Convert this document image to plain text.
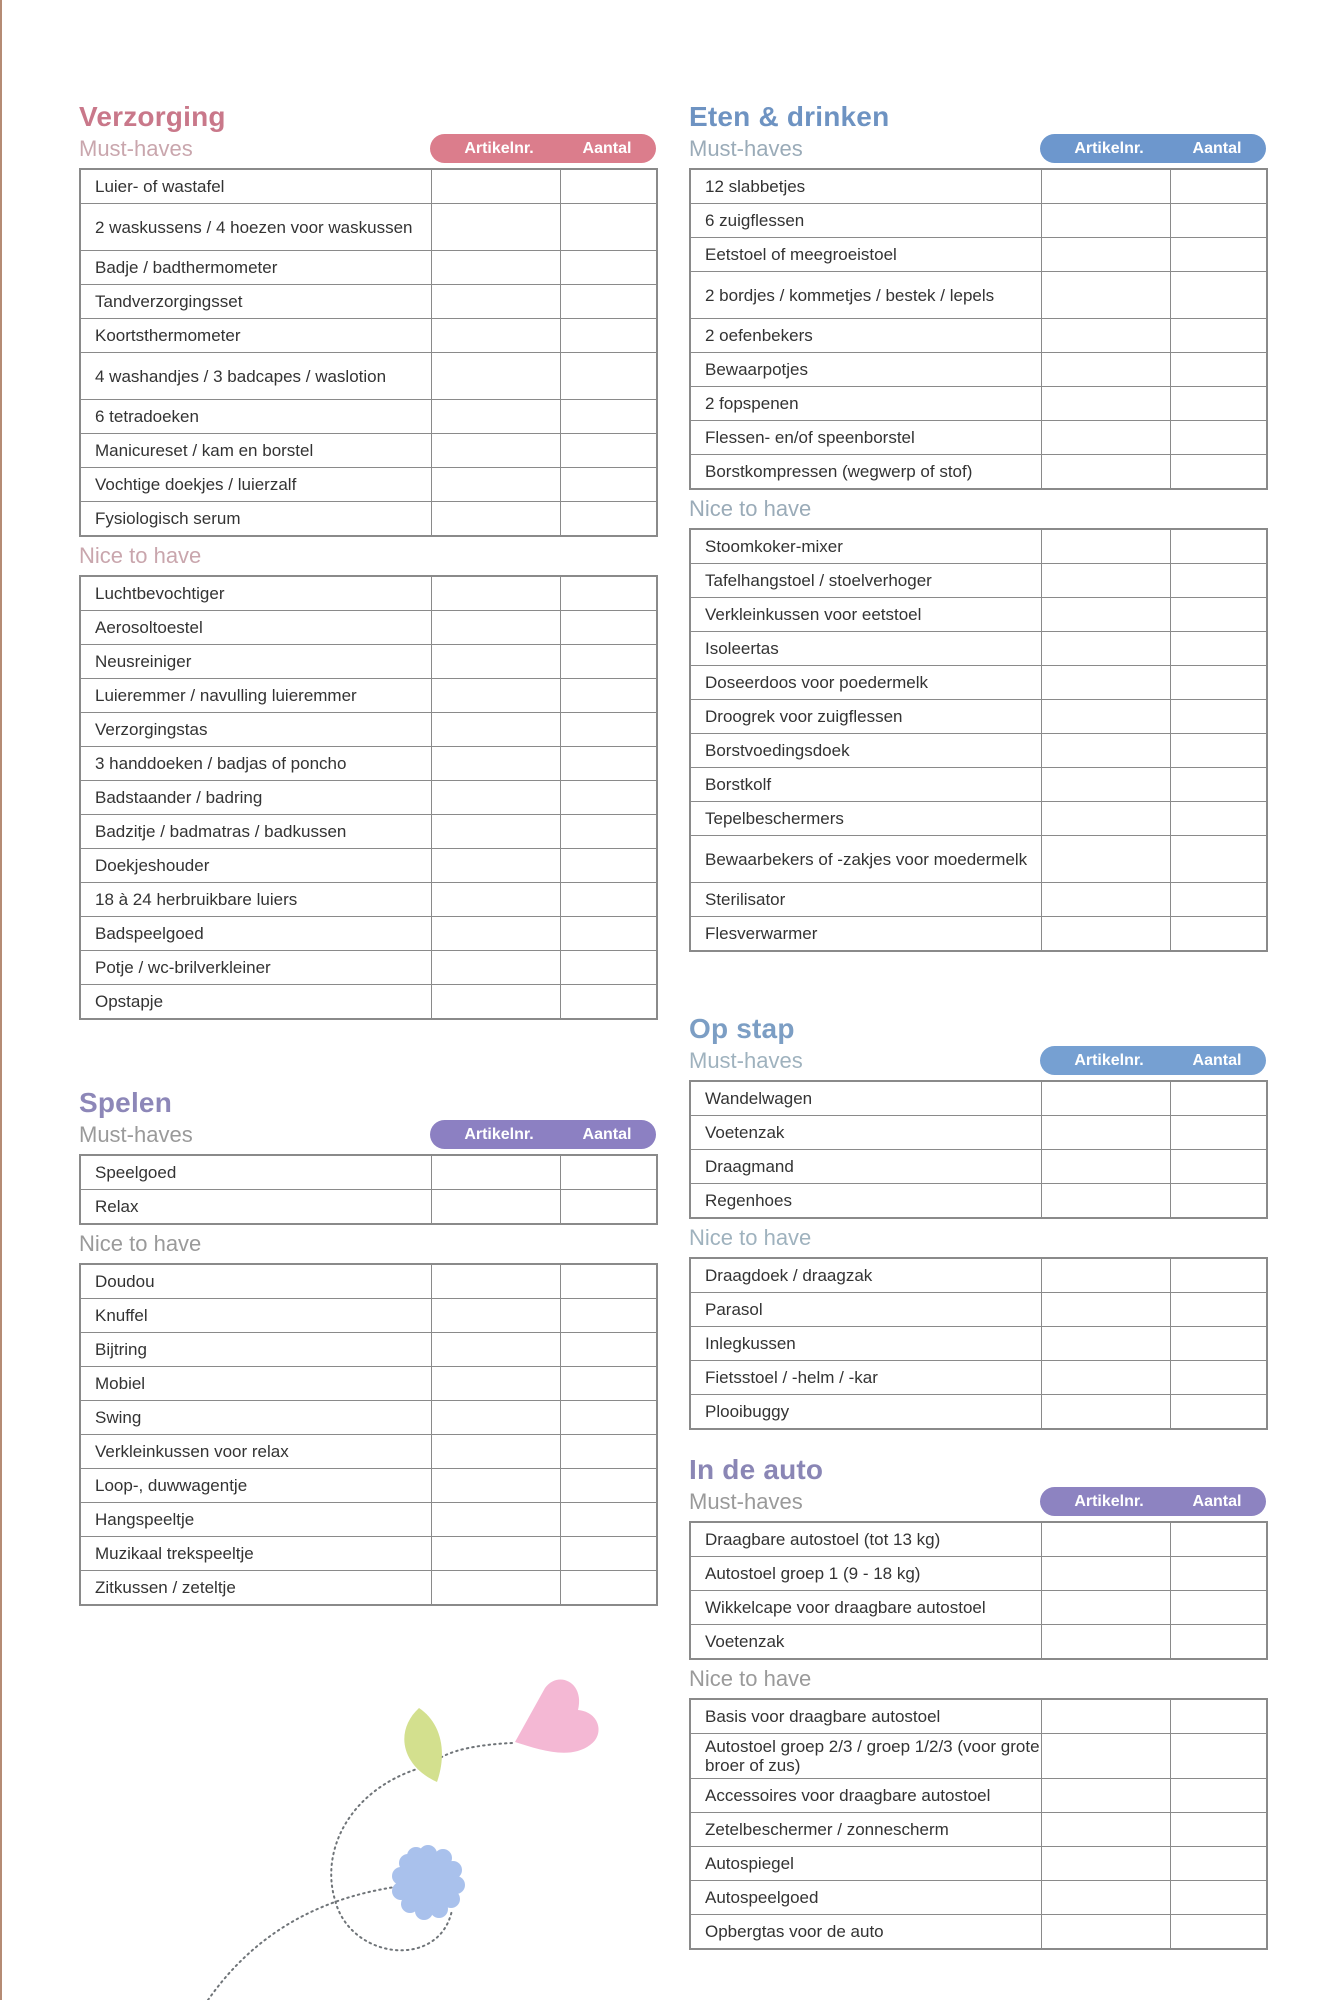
Verzorging
Must-haves	Artikelnr.	Aantal
Luier- of wastafel		
2 waskussens / 4 hoezen voor waskussen		
Badje / badthermometer		
Tandverzorgingsset		
Koortsthermometer		
4 washandjes / 3 badcapes / waslotion		
6 tetradoeken		
Manicureset / kam en borstel		
Vochtige doekjes / luierzalf		
Fysiologisch serum		
Nice to have
Luchtbevochtiger		
Aerosoltoestel		
Neusreiniger		
Luieremmer / navulling luieremmer		
Verzorgingstas		
3 handdoeken / badjas of poncho		
Badstaander / badring		
Badzitje / badmatras / badkussen		
Doekjeshouder		
18 à 24 herbruikbare luiers		
Badspeelgoed		
Potje / wc-brilverkleiner		
Opstapje		
Spelen
Must-haves	Artikelnr.	Aantal
Speelgoed		
Relax		
Nice to have
Doudou		
Knuffel		
Bijtring		
Mobiel		
Swing		
Verkleinkussen voor relax		
Loop-, duwwagentje		
Hangspeeltje		
Muzikaal trekspeeltje		
Zitkussen / zeteltje		
Eten & drinken
Must-haves	Artikelnr.	Aantal
12 slabbetjes		
6 zuigflessen		
Eetstoel of meegroeistoel		
2 bordjes / kommetjes / bestek / lepels		
2 oefenbekers		
Bewaarpotjes		
2 fopspenen		
Flessen- en/of speenborstel		
Borstkompressen (wegwerp of stof)		
Nice to have
Stoomkoker-mixer		
Tafelhangstoel / stoelverhoger		
Verkleinkussen voor eetstoel		
Isoleertas		
Doseerdoos voor poedermelk		
Droogrek voor zuigflessen		
Borstvoedingsdoek		
Borstkolf		
Tepelbeschermers		
Bewaarbekers of -zakjes voor moedermelk		
Sterilisator		
Flesverwarmer		
Op stap
Must-haves	Artikelnr.	Aantal
Wandelwagen		
Voetenzak		
Draagmand		
Regenhoes		
Nice to have
Draagdoek / draagzak		
Parasol		
Inlegkussen		
Fietsstoel / -helm / -kar		
Plooibuggy		
In de auto
Must-haves	Artikelnr.	Aantal
Draagbare autostoel (tot 13 kg)		
Autostoel groep 1 (9 - 18 kg)		
Wikkelcape voor draagbare autostoel		
Voetenzak		
Nice to have
Basis voor draagbare autostoel		
Autostoel groep 2/3 / groep 1/2/3 (voor grote broer of zus)		
Accessoires voor draagbare autostoel		
Zetelbeschermer / zonnescherm		
Autospiegel		
Autospeelgoed		
Opbergtas voor de auto		
